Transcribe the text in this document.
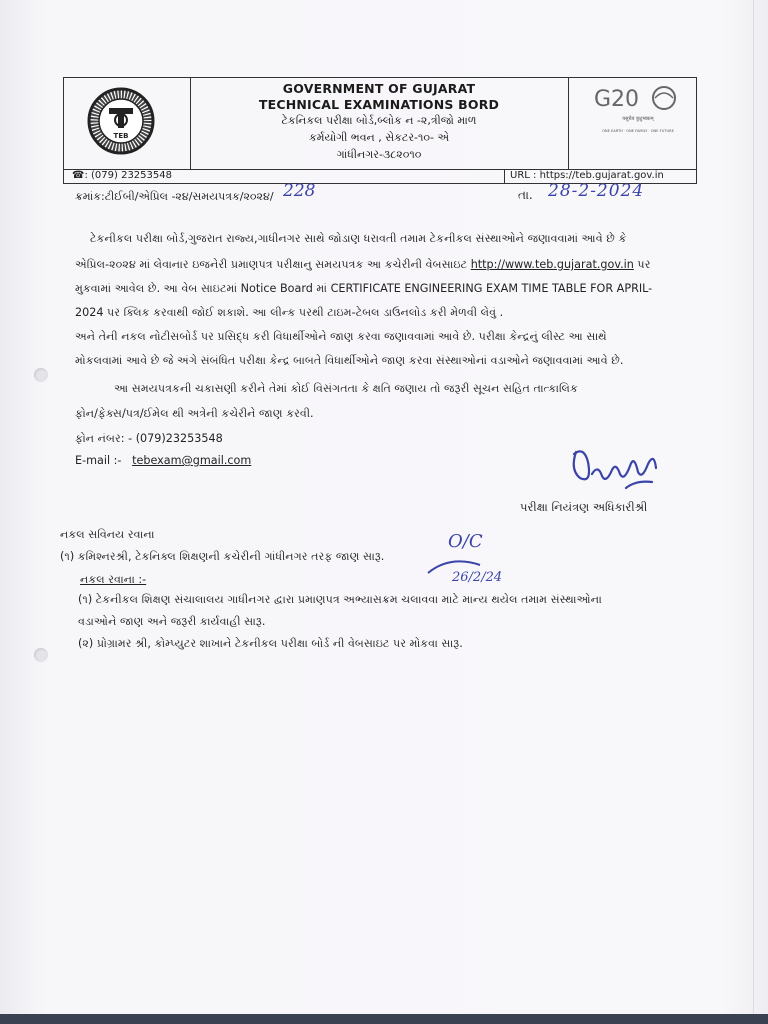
TEB
GOVERNMENT OF GUJARAT
TECHNICAL EXAMINATIONS BORD
ટેકનિકલ પરીક્ષા બોર્ડ,બ્લોક ન -૨,ત્રીજો માળ
કર્મયોગી ભવન , સેકટર-૧૦- એ
ગાંધીનગર-૩૮૨૦૧૦
G20
वसुधैव कुटुम्बकम्
ONE EARTH · ONE FAMILY · ONE FUTURE
☎: (079) 23253548	URL : https://teb.gujarat.gov.in
ક્રમાંક:ટીઈબી/એપ્રિલ -૨૪/સમયપત્રક/૨૦૨૪/ 228	તા. 28-2-2024
ટેકનીકલ પરીક્ષા બોર્ડ,ગુજરાત રાજ્ય,ગાધીનગર સાથે જોડાણ ધરાવતી તમામ ટેકનીકલ સંસ્થાઓને જણાવવામાં આવે છે કે
એપ્રિલ-૨૦૨૪ માં લેવાનાર ઇજનેરી પ્રમાણપત્ર પરીક્ષાનુ સમયપત્રક આ કચેરીની વેબસાઇટ http://www.teb.gujarat.gov.in પર
મુકવામાં આવેલ છે. આ વેબ સાઇટમાં Notice Board માં CERTIFICATE ENGINEERING EXAM TIME TABLE FOR APRIL-
2024 પર ક્લિક કરવાથી જોઈ શકાશે. આ લીન્ક પરથી ટાઇમ-ટેબલ ડાઉનલોડ કરી મેળવી લેવું .
અને તેની નકલ નોટીસબોર્ડ પર પ્રસિદ્ધ કરી વિધાર્થીઓને જાણ કરવા જણાવવામાં આવે છે. પરીક્ષા કેન્દ્રનું લીસ્ટ આ સાથે
મોકલવામાં આવે છે જે અંગે સંબંધિત પરીક્ષા કેન્દ્ર બાબતે વિધાર્થીઓને જાણ કરવા સંસ્થાઓનાં વડાઓને જણાવવામાં આવે છે.
આ સમયપત્રકની ચકાસણી કરીને તેમાં કોઈ વિસંગતતા કે ક્ષતિ જણાય તો જરૂરી સૂચન સહિત તાત્કાલિક
ફોન/ફેક્સ/પત્ર/ઈમેલ થી અત્રેની કચેરીને જાણ કરવી.
ફોન નંબર: - (079)23253548
E-mail :- tebexam@gmail.com
પરીક્ષા નિયંત્રણ અધિકારીશ્રી
નકલ સવિનય રવાના
(૧) કમિશ્નરશ્રી, ટેકનિક્લ શિક્ષણની કચેરીની ગાંધીનગર તરફ જાણ સારૂ.
O/C
26/2/24
નકલ રવાના :-
(૧) ટેકનીકલ શિક્ષણ સંચાલાલય ગાધીનગર દ્વારા પ્રમાણપત્ર અભ્યાસક્રમ ચલાવવા માટે માન્ય થયેલ તમામ સંસ્થાઓના
વડાઓને જાણ અને જરૂરી કાર્યવાહી સારૂ.
(૨) પ્રોગ્રામર શ્રી, કોમ્પ્યુટર શાખાને ટેકનીકલ પરીક્ષા બોર્ડ ની વેબસાઇટ પર મોકવા સારૂ.
